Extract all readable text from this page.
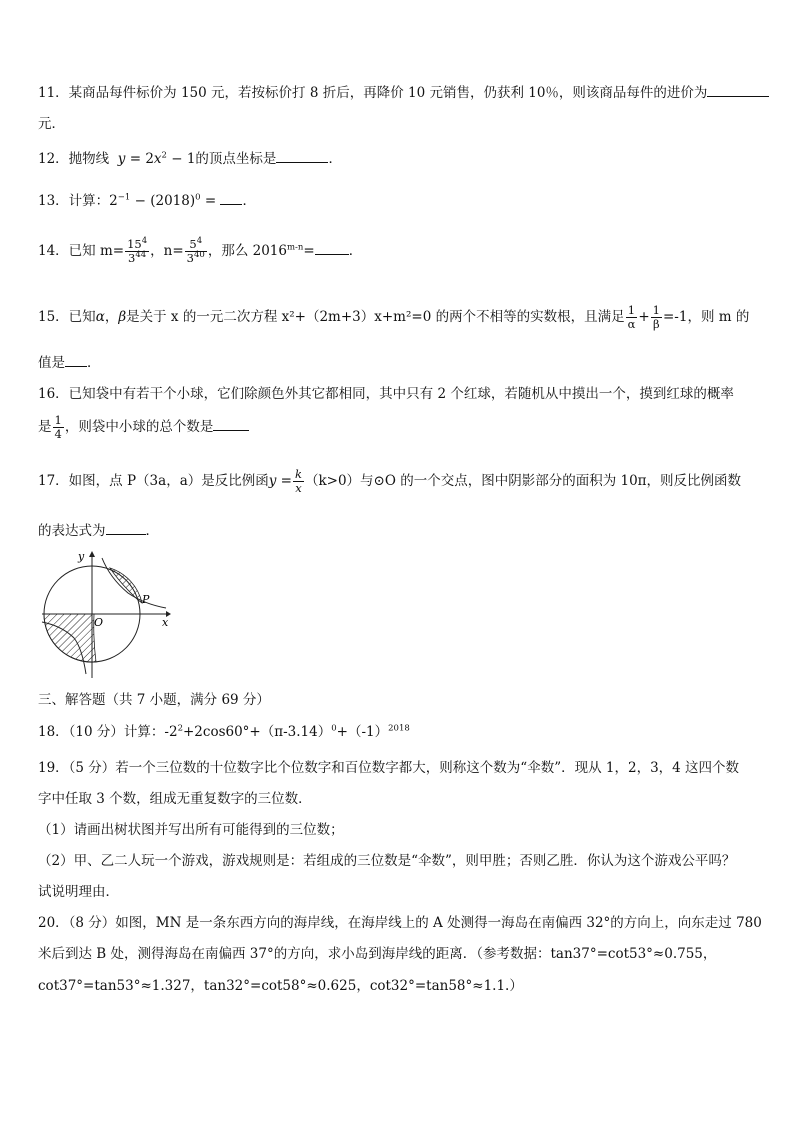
11．某商品每件标价为 150 元，若按标价打 8 折后，再降价 10 元销售，仍获利 10％，则该商品每件的进价为
元．
12．抛物线 $y = 2x^2 - 1$的顶点坐标是	．
13．计算：$2^{-1} - (2018)^0$ = ．
14．已知 $m= \frac{15^4}{3^{44}}$ ，$n= \frac{5^4}{3^{40}}$ ，那么 $2016^{m-n}=$	．
15．已知α，β是关于 x 的一元二次方程 x²+（2m+3）x+m²=0 的两个不相等的实数根，且满足 $\frac{1}{\alpha} + \frac{1}{\beta} =-1$，则 m 的
值是 ．
16．已知袋中有若干个小球，它们除颜色外其它都相同，其中只有 2 个红球，若随机从中摸出一个，摸到红球的概率
是 $\frac{1}{4}$ ，则袋中小球的总个数是
17．如图，点 P（3a，a）是反比例函$y = \frac{k}{x} (k>0)$与⊙O 的一个交点，图中阴影部分的面积为 10π，则反比例函数
的表达式为	．
y
x
O
P
三、解答题（共 7 小题，满分 69 分）
18．（10 分）计算：$-2^2+2\cos 60^\circ+(\pi-3.14)^0+(-1)^{2018}$
19．（5 分）若一个三位数的十位数字比个位数字和百位数字都大，则称这个数为“伞数”．现从 1，2，3，4 这四个数
字中任取 3 个数，组成无重复数字的三位数．
（1）请画出树状图并写出所有可能得到的三位数；
（2）甲、乙二人玩一个游戏，游戏规则是：若组成的三位数是“伞数”，则甲胜；否则乙胜．你认为这个游戏公平吗？
试说明理由．
20．（8 分）如图，MN 是一条东西方向的海岸线，在海岸线上的 A 处测得一海岛在南偏西 32°的方向上，向东走过 780
米后到达 B 处，测得海岛在南偏西 37°的方向，求小岛到海岸线的距离．（参考数据：tan37°=cot53°≈0.755，
cot37°=tan53°≈1.327，tan32°=cot58°≈0.625，cot32°=tan58°≈1.1.）
